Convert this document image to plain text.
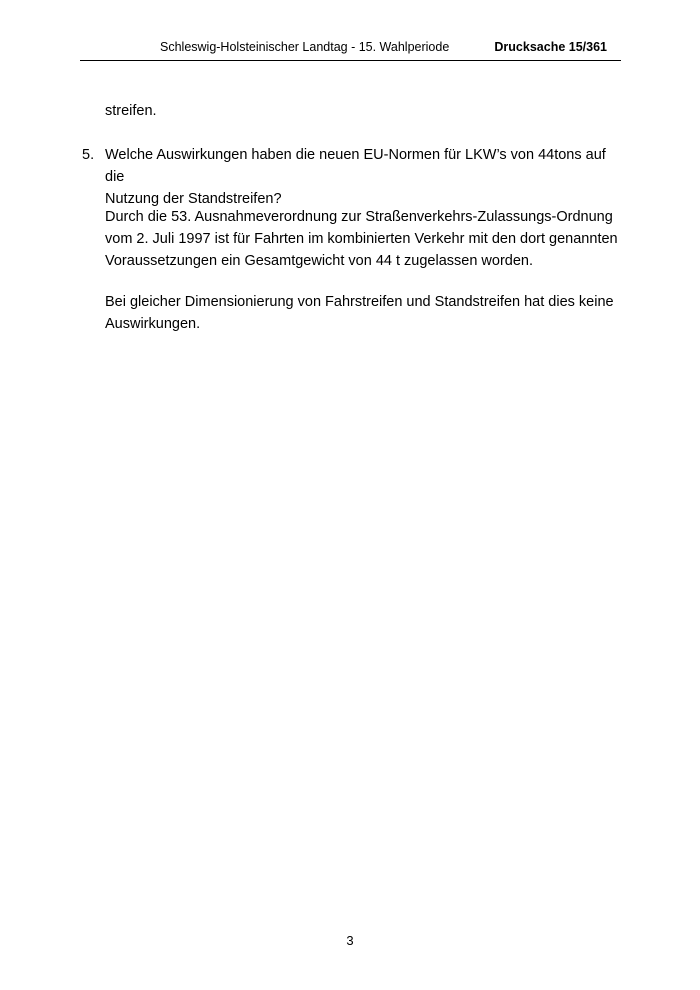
Schleswig-Holsteinischer Landtag - 15. Wahlperiode	Drucksache 15/361

streifen.

5. Welche Auswirkungen haben die neuen EU-Normen für LKW’s von 44tons auf die
Nutzung der Standstreifen?

Durch die 53. Ausnahmeverordnung zur Straßenverkehrs-Zulassungs-Ordnung
vom 2. Juli 1997 ist für Fahrten im kombinierten Verkehr mit den dort genannten
Voraussetzungen ein Gesamtgewicht von 44 t zugelassen worden.

Bei gleicher Dimensionierung von Fahrstreifen und Standstreifen hat dies keine
Auswirkungen.

3
